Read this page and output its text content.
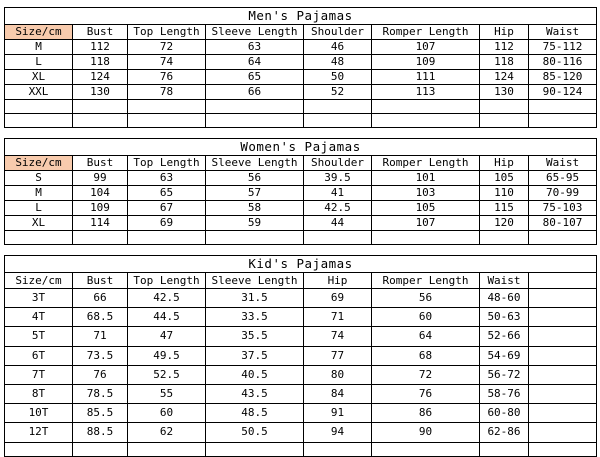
Men's Pajamas							
Size/cm	Bust	Top Length	Sleeve Length	Shoulder	Romper Length	Hip	Waist
M	112	72	63	46	107	112	75-112
L	118	74	64	48	109	118	80-116
XL	124	76	65	50	111	124	85-120
XXL	130	78	66	52	113	130	90-124

Women's Pajamas							
Size/cm	Bust	Top Length	Sleeve Length	Shoulder	Romper Length	Hip	Waist
S	99	63	56	39.5	101	105	65-95
M	104	65	57	41	103	110	70-99
L	109	67	58	42.5	105	115	75-103
XL	114	69	59	44	107	120	80-107

Kid's Pajamas							
Size/cm	Bust	Top Length	Sleeve Length	Hip	Romper Length	Waist	
3T	66	42.5	31.5	69	56	48-60	
4T	68.5	44.5	33.5	71	60	50-63	
5T	71	47	35.5	74	64	52-66	
6T	73.5	49.5	37.5	77	68	54-69	
7T	76	52.5	40.5	80	72	56-72	
8T	78.5	55	43.5	84	76	58-76	
10T	85.5	60	48.5	91	86	60-80	
12T	88.5	62	50.5	94	90	62-86	
